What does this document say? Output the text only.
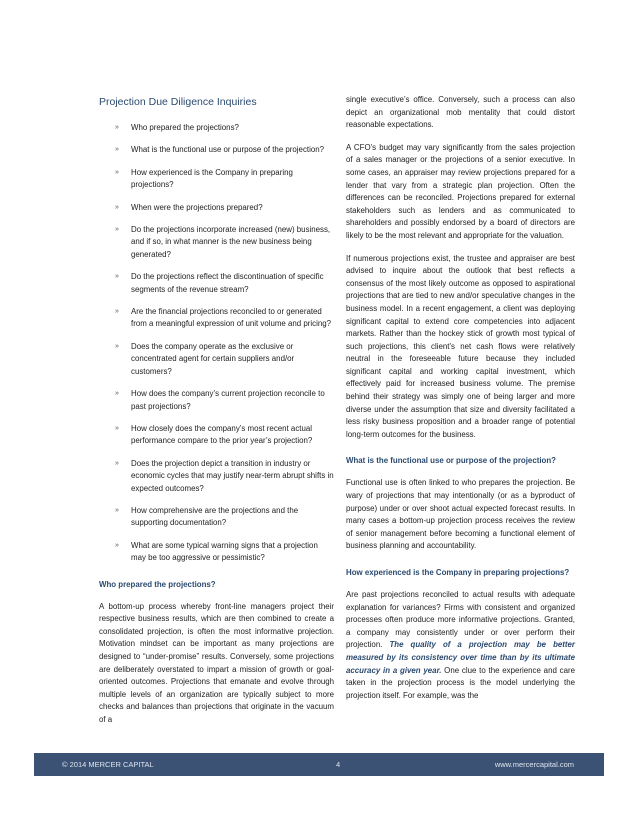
Projection Due Diligence Inquiries
» Who prepared the projections?
» What is the functional use or purpose of the projection?
» How experienced is the Company in preparing projections?
» When were the projections prepared?
» Do the projections incorporate increased (new) business, and if so, in what manner is the new business being generated?
» Do the projections reflect the discontinuation of specific segments of the revenue stream?
» Are the financial projections reconciled to or generated from a meaningful expression of unit volume and pricing?
» Does the company operate as the exclusive or concentrated agent for certain suppliers and/or customers?
» How does the company’s current projection reconcile to past projections?
» How closely does the company’s most recent actual performance compare to the prior year’s projection?
» Does the projection depict a transition in industry or economic cycles that may justify near-term abrupt shifts in expected outcomes?
» How comprehensive are the projections and the supporting documentation?
» What are some typical warning signs that a projection may be too aggressive or pessimistic?
Who prepared the projections?

A bottom-up process whereby front-line managers project their respective business results, which are then combined to create a consolidated projection, is often the most informative projection. Motivation mindset can be important as many projections are designed to “under-promise” results. Conversely, some projections are deliberately overstated to impart a mission of growth or goal-oriented outcomes. Projections that emanate and evolve through multiple levels of an organization are typically subject to more checks and balances than projections that originate in the vacuum of a

single executive’s office. Conversely, such a process can also depict an organizational mob mentality that could distort reasonable expectations.

A CFO’s budget may vary significantly from the sales projection of a sales manager or the projections of a senior executive. In some cases, an appraiser may review projections prepared for a lender that vary from a strategic plan projection. Often the differences can be reconciled. Projections prepared for external stakeholders such as lenders and as communicated to shareholders and possibly endorsed by a board of directors are likely to be the most relevant and appropriate for the valuation.

If numerous projections exist, the trustee and appraiser are best advised to inquire about the outlook that best reflects a consensus of the most likely outcome as opposed to aspirational projections that are tied to new and/or speculative changes in the business model. In a recent engagement, a client was deploying significant capital to extend core competencies into adjacent markets. Rather than the hockey stick of growth most typical of such projections, this client’s net cash flows were relatively neutral in the foreseeable future because they included significant capital and working capital investment, which effectively paid for increased business volume. The premise behind their strategy was simply one of being larger and more diverse under the assumption that size and diversity facilitated a less risky business proposition and a broader range of potential long-term outcomes for the business.

What is the functional use or purpose of the projection?

Functional use is often linked to who prepares the projection. Be wary of projections that may intentionally (or as a byproduct of purpose) under or over shoot actual expected forecast results. In many cases a bottom-up projection process receives the review of senior management before becoming a functional element of business planning and accountability.

How experienced is the Company in preparing projections?

Are past projections reconciled to actual results with adequate explanation for variances? Firms with consistent and organized processes often produce more informative projections. Granted, a company may consistently under or over perform their projection. The quality of a projection may be better measured by its consistency over time than by its ultimate accuracy in a given year. One clue to the experience and care taken in the projection process is the model underlying the projection itself. For example, was the

© 2014 MERCER CAPITAL	4	www.mercercapital.com
